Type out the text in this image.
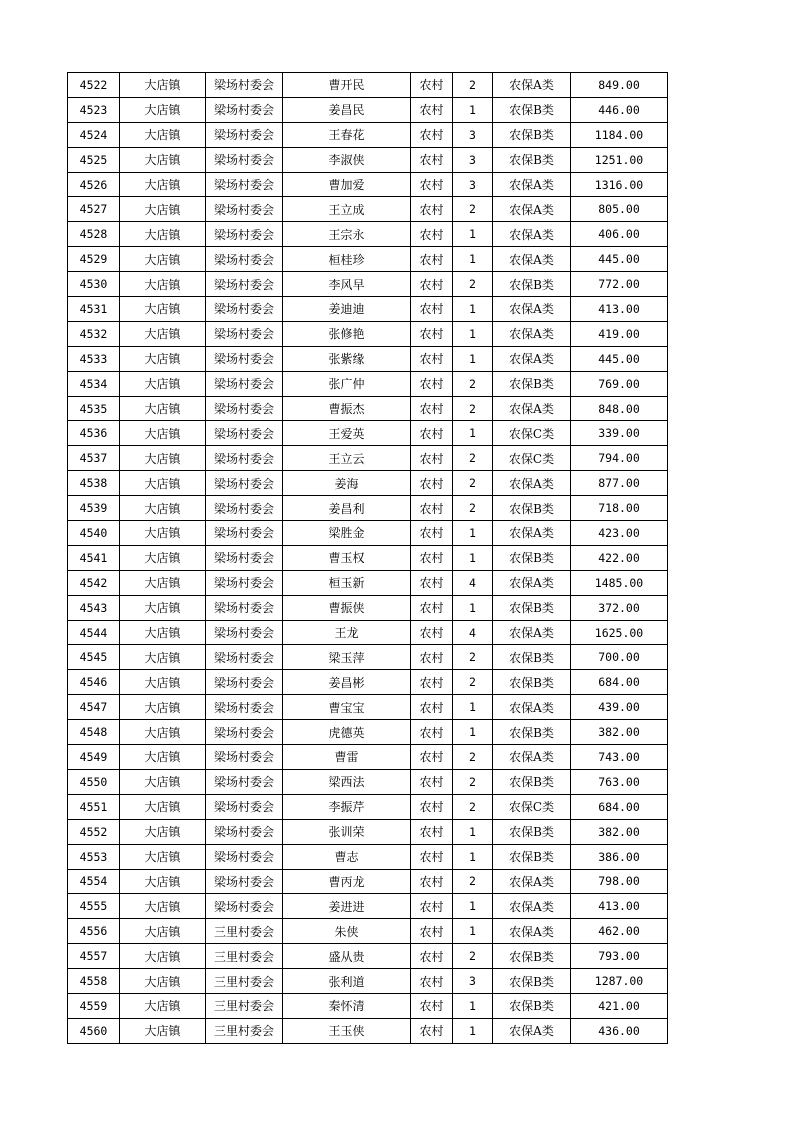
4522	大店镇	梁场村委会	曹开民	农村	2	农保A类	849.00
4523	大店镇	梁场村委会	姜昌民	农村	1	农保B类	446.00
4524	大店镇	梁场村委会	王春花	农村	3	农保B类	1184.00
4525	大店镇	梁场村委会	李淑侠	农村	3	农保B类	1251.00
4526	大店镇	梁场村委会	曹加爱	农村	3	农保A类	1316.00
4527	大店镇	梁场村委会	王立成	农村	2	农保A类	805.00
4528	大店镇	梁场村委会	王宗永	农村	1	农保A类	406.00
4529	大店镇	梁场村委会	桓桂珍	农村	1	农保A类	445.00
4530	大店镇	梁场村委会	李风早	农村	2	农保B类	772.00
4531	大店镇	梁场村委会	姜迪迪	农村	1	农保A类	413.00
4532	大店镇	梁场村委会	张修艳	农村	1	农保A类	419.00
4533	大店镇	梁场村委会	张紫缘	农村	1	农保A类	445.00
4534	大店镇	梁场村委会	张广仲	农村	2	农保B类	769.00
4535	大店镇	梁场村委会	曹振杰	农村	2	农保A类	848.00
4536	大店镇	梁场村委会	王爱英	农村	1	农保C类	339.00
4537	大店镇	梁场村委会	王立云	农村	2	农保C类	794.00
4538	大店镇	梁场村委会	姜海	农村	2	农保A类	877.00
4539	大店镇	梁场村委会	姜昌利	农村	2	农保B类	718.00
4540	大店镇	梁场村委会	梁胜金	农村	1	农保A类	423.00
4541	大店镇	梁场村委会	曹玉权	农村	1	农保B类	422.00
4542	大店镇	梁场村委会	桓玉新	农村	4	农保A类	1485.00
4543	大店镇	梁场村委会	曹振侠	农村	1	农保B类	372.00
4544	大店镇	梁场村委会	王龙	农村	4	农保A类	1625.00
4545	大店镇	梁场村委会	梁玉萍	农村	2	农保B类	700.00
4546	大店镇	梁场村委会	姜昌彬	农村	2	农保B类	684.00
4547	大店镇	梁场村委会	曹宝宝	农村	1	农保A类	439.00
4548	大店镇	梁场村委会	虎德英	农村	1	农保B类	382.00
4549	大店镇	梁场村委会	曹雷	农村	2	农保A类	743.00
4550	大店镇	梁场村委会	梁西法	农村	2	农保B类	763.00
4551	大店镇	梁场村委会	李振芹	农村	2	农保C类	684.00
4552	大店镇	梁场村委会	张训荣	农村	1	农保B类	382.00
4553	大店镇	梁场村委会	曹志	农村	1	农保B类	386.00
4554	大店镇	梁场村委会	曹丙龙	农村	2	农保A类	798.00
4555	大店镇	梁场村委会	姜进进	农村	1	农保A类	413.00
4556	大店镇	三里村委会	朱侠	农村	1	农保A类	462.00
4557	大店镇	三里村委会	盛从贵	农村	2	农保B类	793.00
4558	大店镇	三里村委会	张利道	农村	3	农保B类	1287.00
4559	大店镇	三里村委会	秦怀清	农村	1	农保B类	421.00
4560	大店镇	三里村委会	王玉侠	农村	1	农保A类	436.00
